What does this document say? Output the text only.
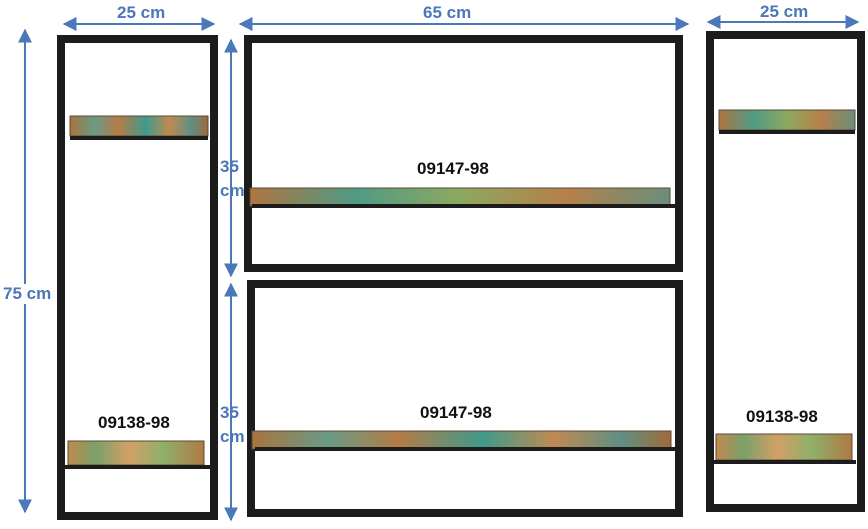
25 cm	65 cm	25 cm
75 cm
35 cm
35 cm
09138-98
09147-98
09147-98	09138-98
